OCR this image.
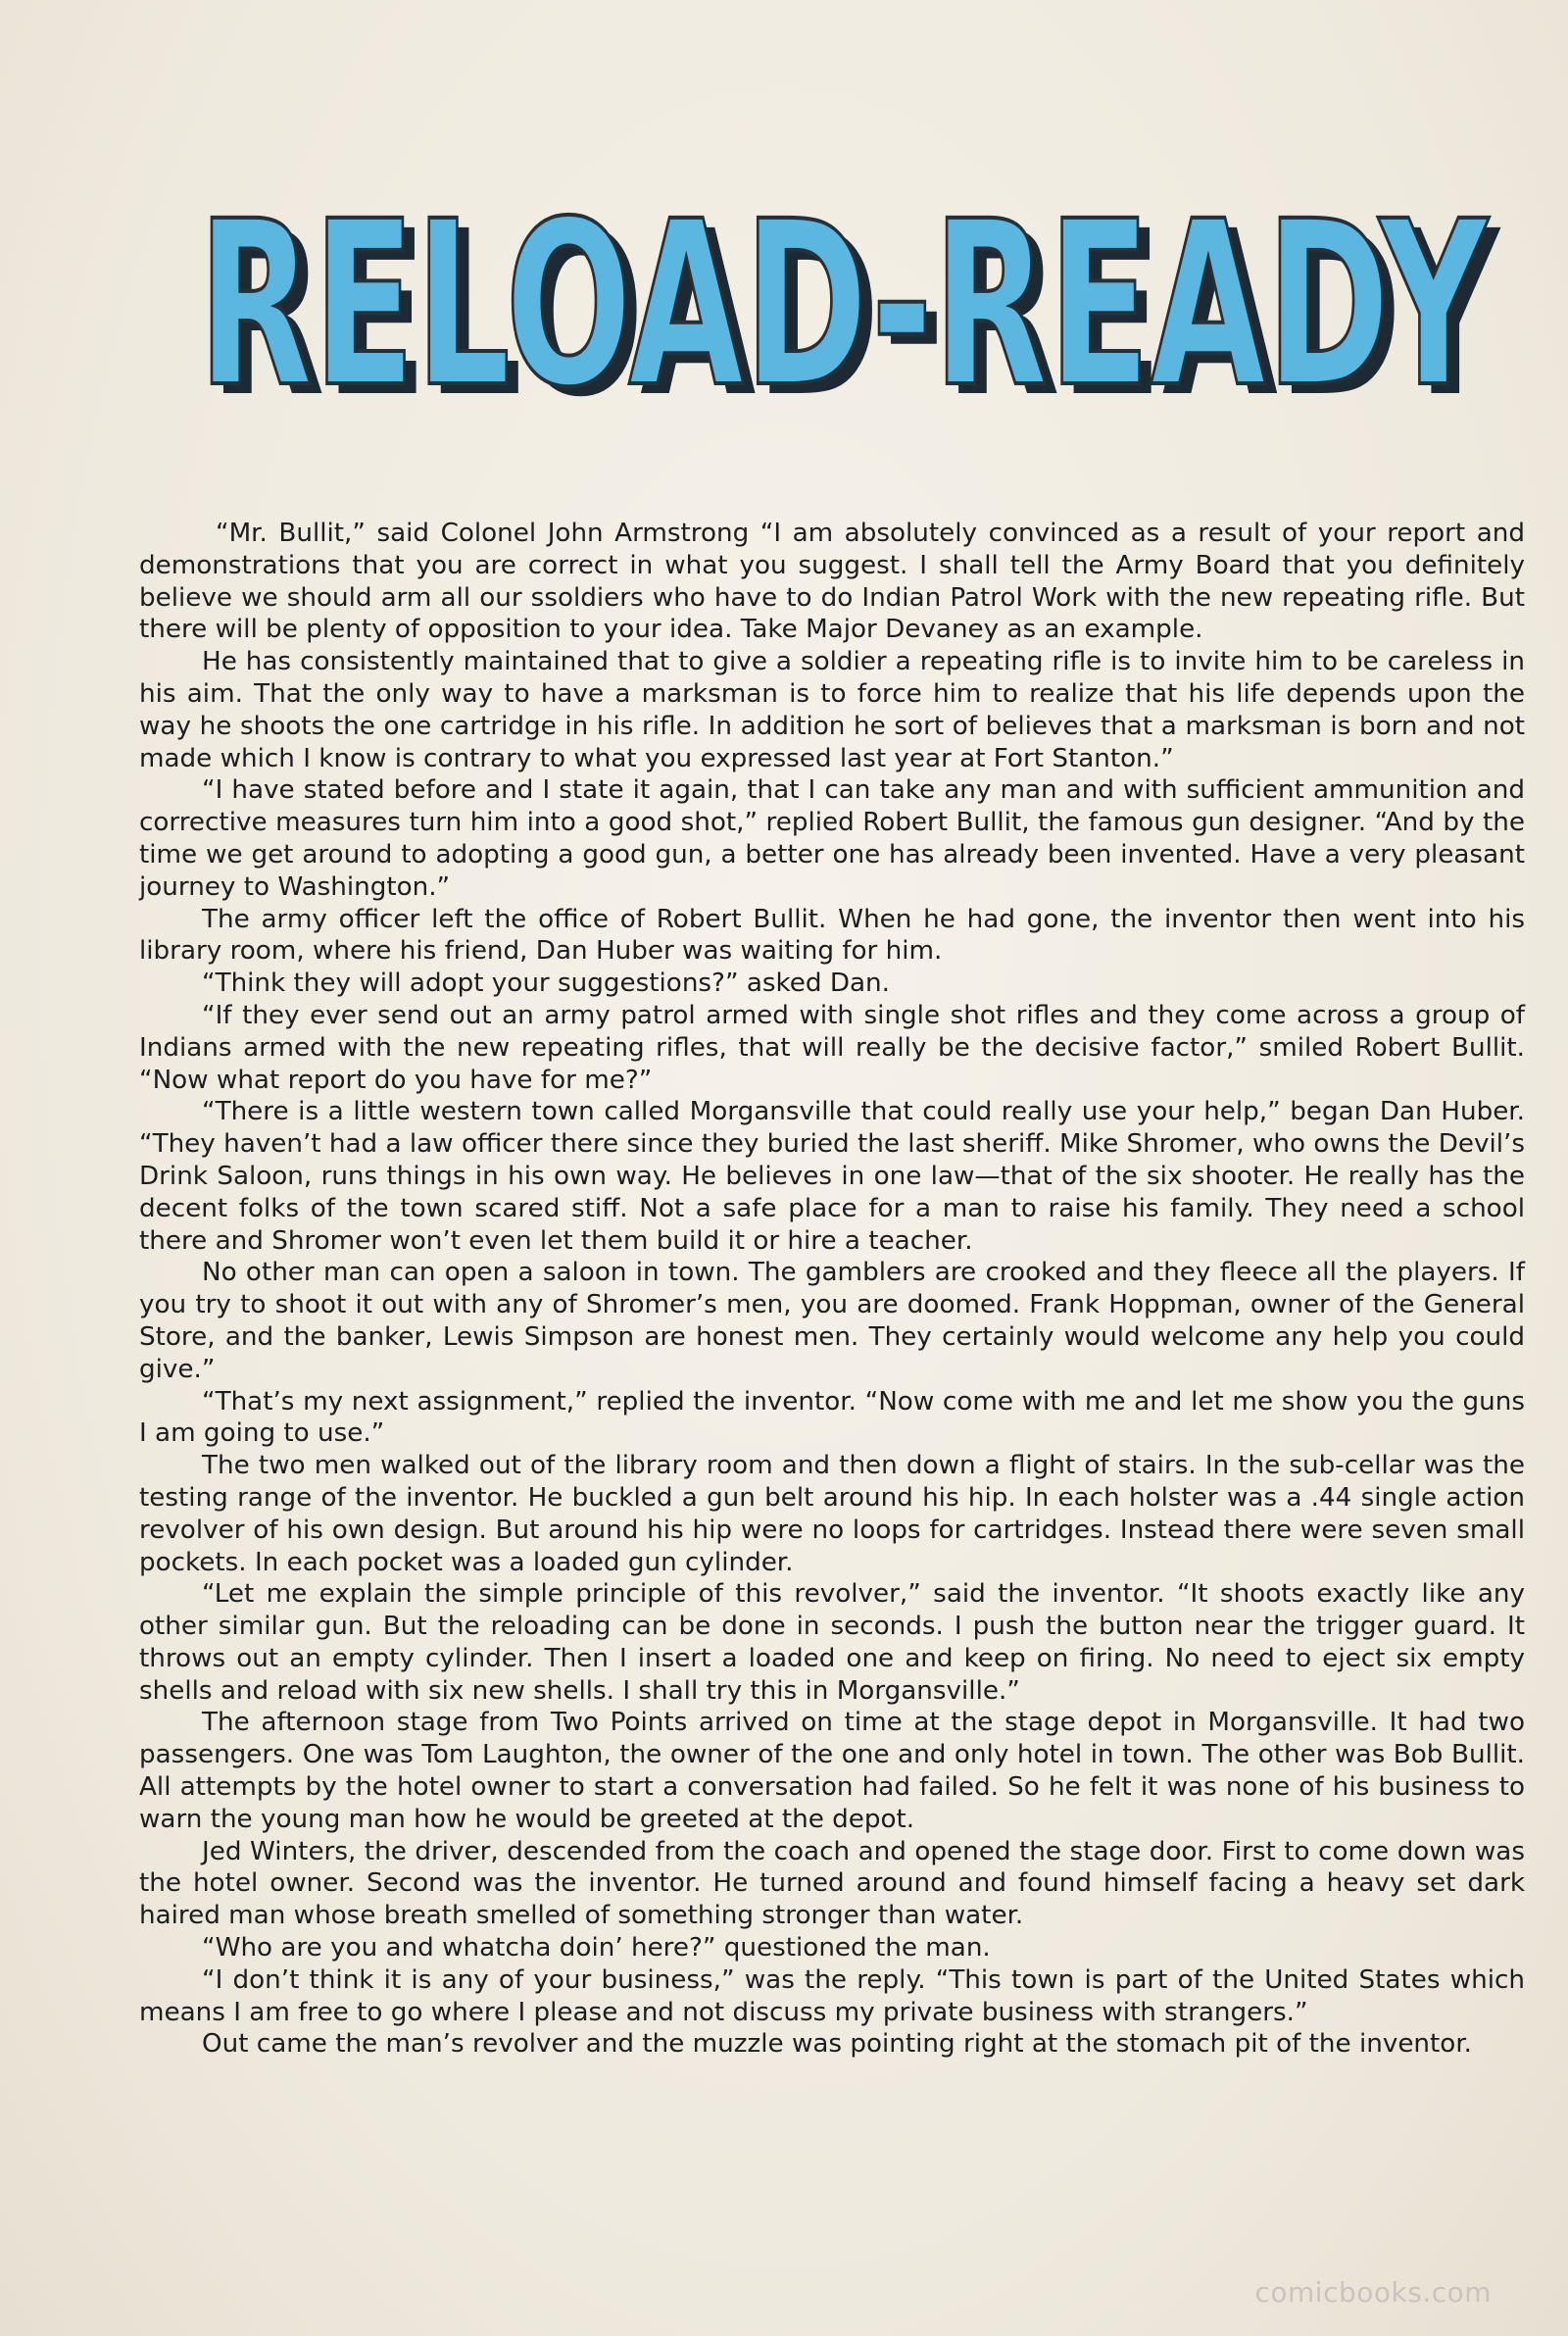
RELOAD-READY
RELOAD-READY

“Mr. Bullit,” said Colonel John Armstrong “I am absolutely convinced as a result of your report and demonstrations that you are correct in what you suggest. I shall tell the Army Board that you definitely believe we should arm all our ssoldiers who have to do Indian Patrol Work with the new repeating rifle. But there will be plenty of opposition to your idea. Take Major Devaney as an example.

He has consistently maintained that to give a soldier a repeating rifle is to invite him to be careless in his aim. That the only way to have a marksman is to force him to realize that his life depends upon the way he shoots the one cartridge in his rifle. In addition he sort of believes that a marksman is born and not made which I know is contrary to what you expressed last year at Fort Stanton.”

“I have stated before and I state it again, that I can take any man and with sufficient ammunition and corrective measures turn him into a good shot,” replied Robert Bullit, the famous gun designer. “And by the time we get around to adopting a good gun, a better one has already been invented. Have a very pleasant journey to Washington.”

The army officer left the office of Robert Bullit. When he had gone, the inventor then went into his library room, where his friend, Dan Huber was waiting for him.

“Think they will adopt your suggestions?” asked Dan.

“If they ever send out an army patrol armed with single shot rifles and they come across a group of Indians armed with the new repeating rifles, that will really be the decisive factor,” smiled Robert Bullit. “Now what report do you have for me?”

“There is a little western town called Morgansville that could really use your help,” began Dan Huber. “They haven’t had a law officer there since they buried the last sheriff. Mike Shromer, who owns the Devil’s Drink Saloon, runs things in his own way. He believes in one law—that of the six shooter. He really has the decent folks of the town scared stiff. Not a safe place for a man to raise his family. They need a school there and Shromer won’t even let them build it or hire a teacher.

No other man can open a saloon in town. The gamblers are crooked and they fleece all the players. If you try to shoot it out with any of Shromer’s men, you are doomed. Frank Hoppman, owner of the General Store, and the banker, Lewis Simpson are honest men. They certainly would welcome any help you could give.”

“That’s my next assignment,” replied the inventor. “Now come with me and let me show you the guns I am going to use.”

The two men walked out of the library room and then down a flight of stairs. In the sub-cellar was the testing range of the inventor. He buckled a gun belt around his hip. In each holster was a .44 single action revolver of his own design. But around his hip were no loops for cartridges. Instead there were seven small pockets. In each pocket was a loaded gun cylinder.

“Let me explain the simple principle of this revolver,” said the inventor. “It shoots exactly like any other similar gun. But the reloading can be done in seconds. I push the button near the trigger guard. It throws out an empty cylinder. Then I insert a loaded one and keep on firing. No need to eject six empty shells and reload with six new shells. I shall try this in Morgansville.”

The afternoon stage from Two Points arrived on time at the stage depot in Morgansville. It had two passengers. One was Tom Laughton, the owner of the one and only hotel in town. The other was Bob Bullit. All attempts by the hotel owner to start a conversation had failed. So he felt it was none of his business to warn the young man how he would be greeted at the depot.

Jed Winters, the driver, descended from the coach and opened the stage door. First to come down was the hotel owner. Second was the inventor. He turned around and found himself facing a heavy set dark haired man whose breath smelled of something stronger than water.

“Who are you and whatcha doin’ here?” questioned the man.

“I don’t think it is any of your business,” was the reply. “This town is part of the United States which means I am free to go where I please and not discuss my private business with strangers.”

Out came the man’s revolver and the muzzle was pointing right at the stomach pit of the inventor.

comicbooks.com
